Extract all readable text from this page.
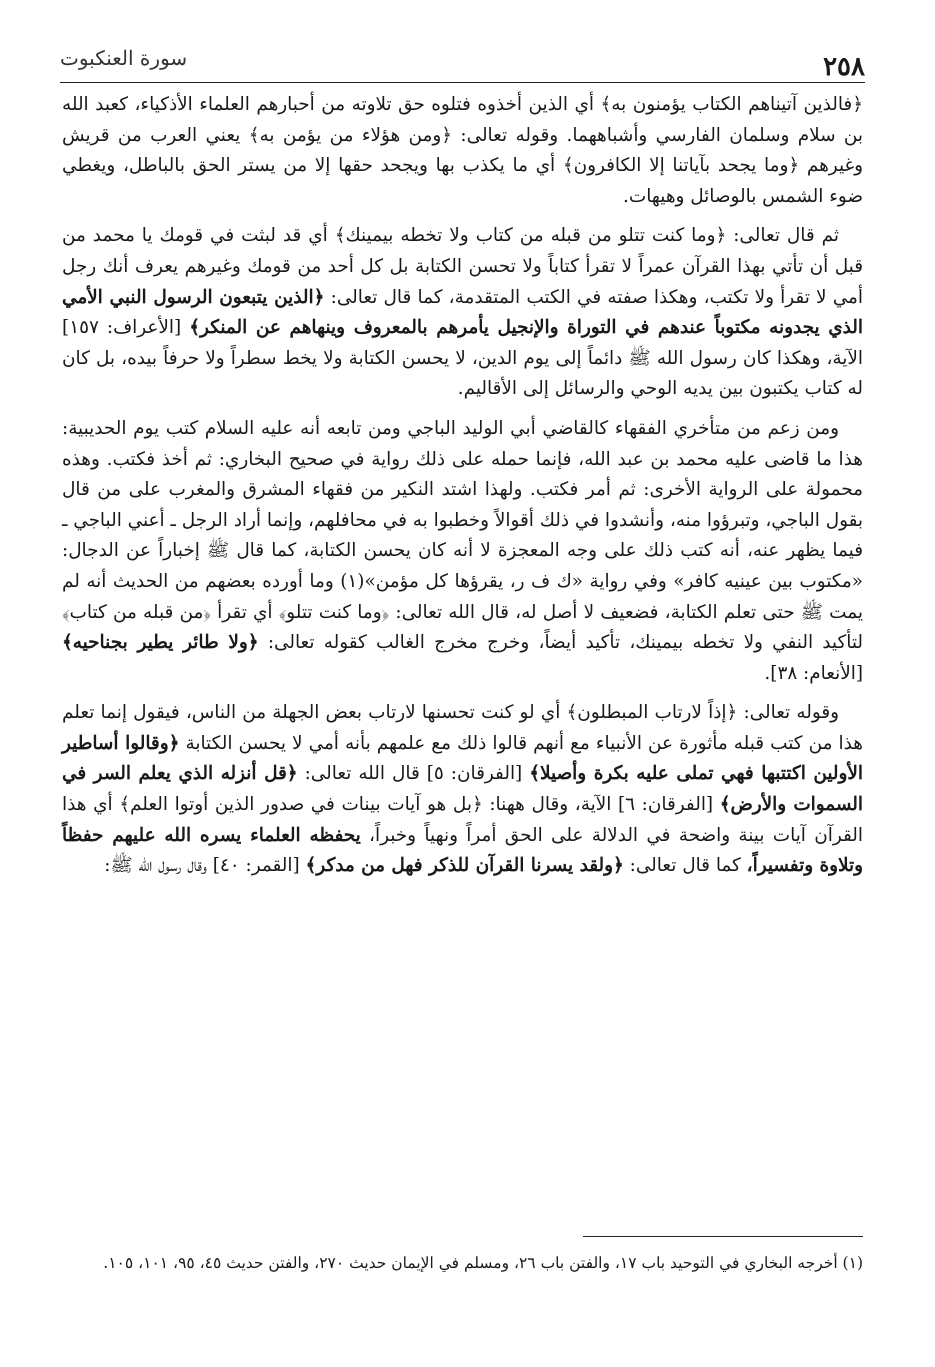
٢٥٨
سورة العنكبوت

﴿فالذين آتيناهم الكتاب يؤمنون به﴾ أي الذين أخذوه فتلوه حق تلاوته من أحبارهم العلماء الأذكياء، كعبد الله بن سلام وسلمان الفارسي وأشباههما. وقوله تعالى: ﴿ومن هؤلاء من يؤمن به﴾ يعني العرب من قريش وغيرهم ﴿وما يجحد بآياتنا إلا الكافرون﴾ أي ما يكذب بها ويجحد حقها إلا من يستر الحق بالباطل، ويغطي ضوء الشمس بالوصائل وهيهات.

ثم قال تعالى: ﴿وما كنت تتلو من قبله من كتاب ولا تخطه بيمينك﴾ أي قد لبثت في قومك يا محمد من قبل أن تأتي بهذا القرآن عمراً لا تقرأ كتاباً ولا تحسن الكتابة بل كل أحد من قومك وغيرهم يعرف أنك رجل أمي لا تقرأ ولا تكتب، وهكذا صفته في الكتب المتقدمة، كما قال تعالى: ﴿الذين يتبعون الرسول النبي الأمي الذي يجدونه مكتوباً عندهم في التوراة والإنجيل يأمرهم بالمعروف وينهاهم عن المنكر﴾ [الأعراف: ١٥٧] الآية، وهكذا كان رسول الله ﷺ دائماً إلى يوم الدين، لا يحسن الكتابة ولا يخط سطراً ولا حرفاً بيده، بل كان له كتاب يكتبون بين يديه الوحي والرسائل إلى الأقاليم.

ومن زعم من متأخري الفقهاء كالقاضي أبي الوليد الباجي ومن تابعه أنه عليه السلام كتب يوم الحديبية: هذا ما قاضى عليه محمد بن عبد الله، فإنما حمله على ذلك رواية في صحيح البخاري: ثم أخذ فكتب. وهذه محمولة على الرواية الأخرى: ثم أمر فكتب. ولهذا اشتد النكير من فقهاء المشرق والمغرب على من قال بقول الباجي، وتبرؤوا منه، وأنشدوا في ذلك أقوالاً وخطبوا به في محافلهم، وإنما أراد الرجل ـ أعني الباجي ـ فيما يظهر عنه، أنه كتب ذلك على وجه المعجزة لا أنه كان يحسن الكتابة، كما قال ﷺ إخباراً عن الدجال: «مكتوب بين عينيه كافر» وفي رواية «ك ف ر، يقرؤها كل مؤمن»(١) وما أورده بعضهم من الحديث أنه لم يمت ﷺ حتى تعلم الكتابة، فضعيف لا أصل له، قال الله تعالى: ﴿وما كنت تتلو﴾ أي تقرأ ﴿من قبله من كتاب﴾ لتأكيد النفي ولا تخطه بيمينك، تأكيد أيضاً، وخرج مخرج الغالب كقوله تعالى: ﴿ولا طائر يطير بجناحيه﴾ [الأنعام: ٣٨].

وقوله تعالى: ﴿إذاً لارتاب المبطلون﴾ أي لو كنت تحسنها لارتاب بعض الجهلة من الناس، فيقول إنما تعلم هذا من كتب قبله مأثورة عن الأنبياء مع أنهم قالوا ذلك مع علمهم بأنه أمي لا يحسن الكتابة ﴿وقالوا أساطير الأولين اكتتبها فهي تملى عليه بكرة وأصيلا﴾ [الفرقان: ٥] قال الله تعالى: ﴿قل أنزله الذي يعلم السر في السموات والأرض﴾ [الفرقان: ٦] الآية، وقال ههنا: ﴿بل هو آيات بينات في صدور الذين أوتوا العلم﴾ أي هذا القرآن آيات بينة واضحة في الدلالة على الحق أمراً ونهياً وخبراً، يحفظه العلماء يسره الله عليهم حفظاً وتلاوة وتفسيراً، كما قال تعالى: ﴿ولقد يسرنا القرآن للذكر فهل من مدكر﴾ [القمر: ٤٠] وقال رسول الله ﷺ:

(١) أخرجه البخاري في التوحيد باب ١٧، والفتن باب ٢٦، ومسلم في الإيمان حديث ٢٧٠، والفتن حديث ٤٥، ٩٥، ١٠١، ١٠٥.
